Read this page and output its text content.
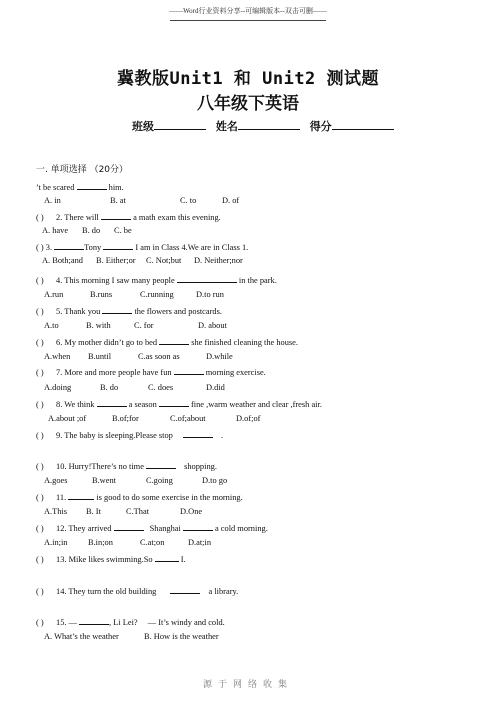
——Word行业资料分享--可编辑版本--双击可删——
冀教版Unit1 和 Unit2 测试题
八年级下英语
班级	姓名	得分
一. 单项选择 （20分）
’t be scared	him.
A. in	B. at	C. to	D. of
( ) 2. There will	a math exam this evening.
A. have B. do C. be
( ) 3.	Tony	I am in Class 4.We are in Class 1.
A. Both;and B. Either;or C. Not;but D. Neither;nor
( ) 4. This morning I saw many people	in the park.
A.run	B.runs	C.running	D.to run
( ) 5. Thank you	the flowers and postcards.
A.to	B. with	C. for	D. about
( ) 6. My mother didn’t go to bed	she finished cleaning the house.
A.when B.until	C.as soon as	D.while
( ) 7. More and more people have fun	morning exercise.
A.doing	B. do	C. does	D.did
( ) 8. We think	a season	fine ,warm weather and clear ,fresh air.
A.about ;of	B.of;for	C.of;about	D.of;of
( ) 9. The baby is sleeping.Please stop	.
( ) 10. Hurry!There’s no time	shopping.
A.goes	B.went	C.going	D.to go
( ) 11.	is good to do some exercise in the morning.
A.This B. It	C.That	D.One
( ) 12. They arrived	Shanghai	a cold morning.
A.in;in B.in;on	C.at;on	D.at;in
( ) 13. Mike likes swimming.So	I.
( ) 14. They turn the old building	a library.
( ) 15. —	, Li Lei? — It’s windy and cold.
A. What’s the weather	B. How is the weather
源于网络收集
